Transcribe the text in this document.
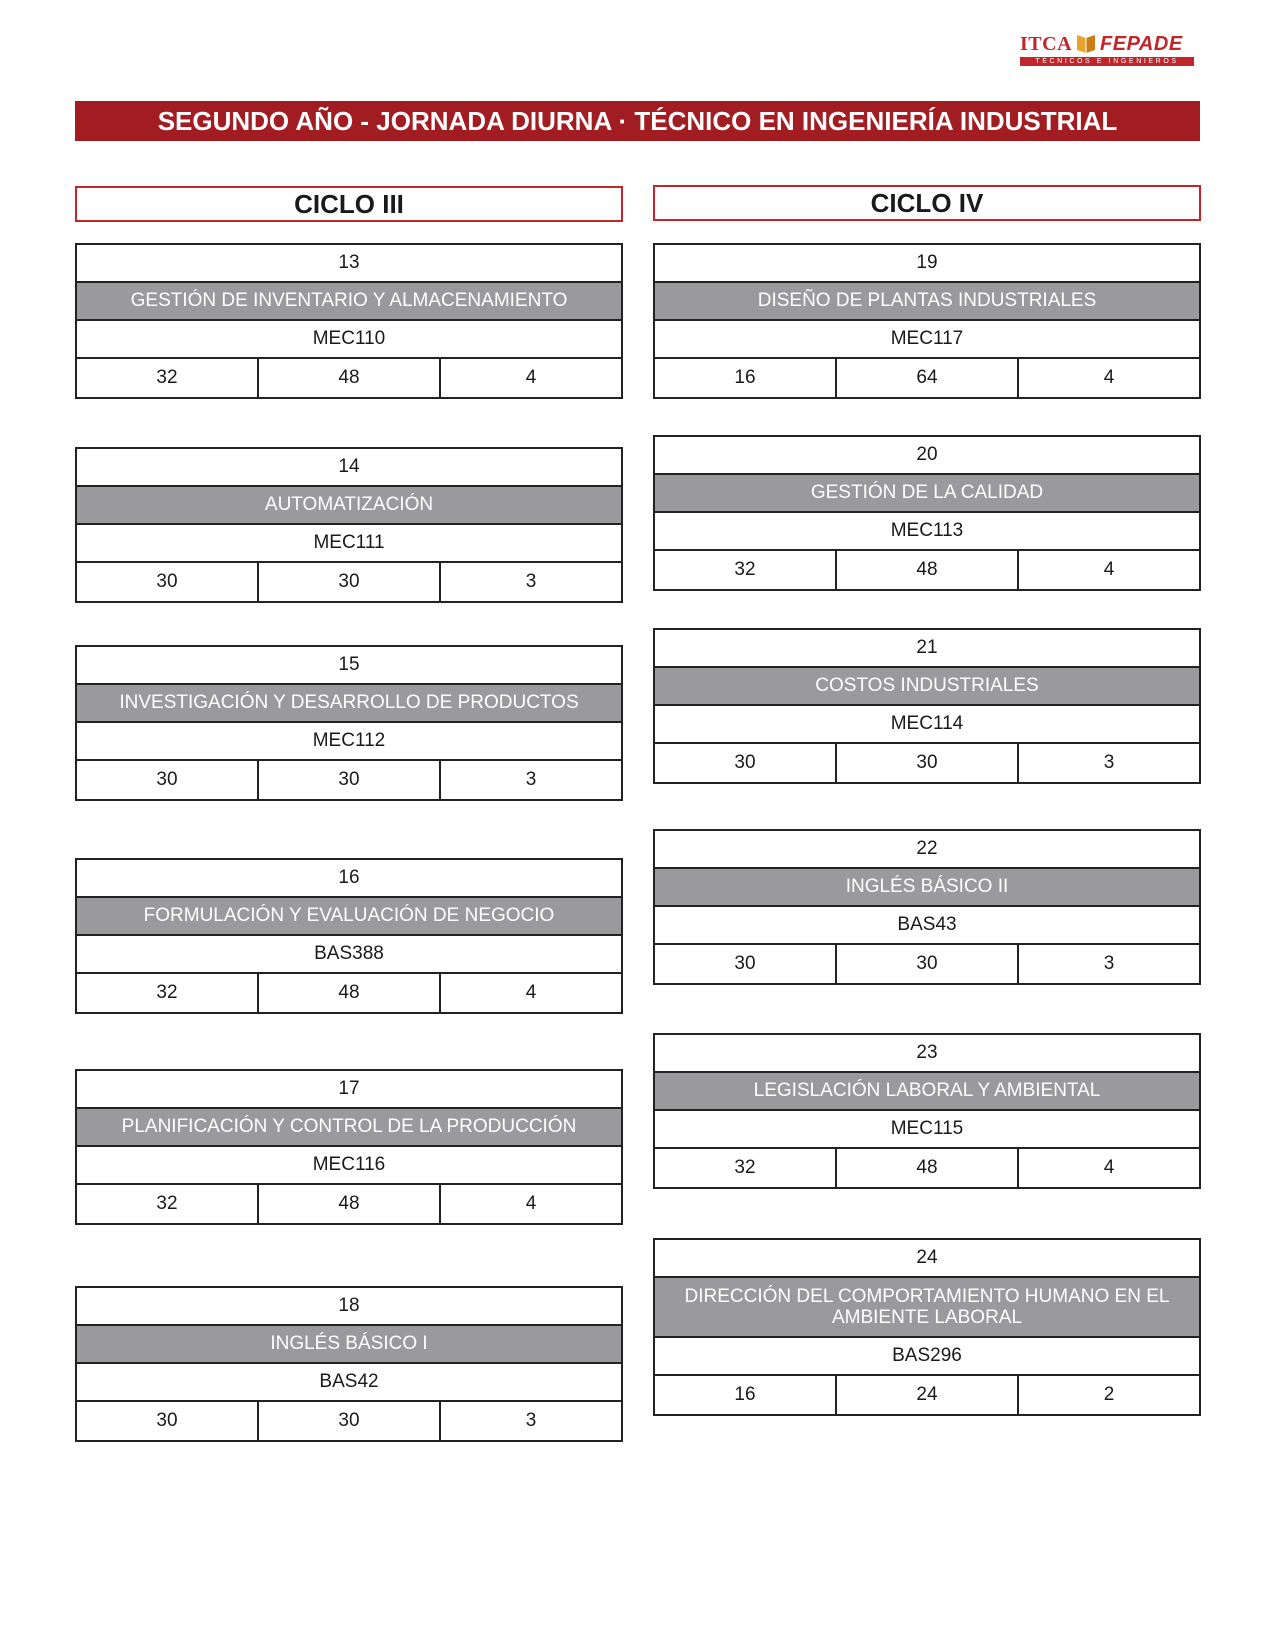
ITCA FEPADE
TÉCNICOS E INGENIEROS
SEGUNDO AÑO - JORNADA DIURNA · TÉCNICO EN INGENIERÍA INDUSTRIAL
CICLO III
13
GESTIÓN DE INVENTARIO Y ALMACENAMIENTO
MEC110
32	48	4
14
AUTOMATIZACIÓN
MEC111
30	30	3
15
INVESTIGACIÓN Y DESARROLLO DE PRODUCTOS
MEC112
30	30	3
16
FORMULACIÓN Y EVALUACIÓN DE NEGOCIO
BAS388
32	48	4
17
PLANIFICACIÓN Y CONTROL DE LA PRODUCCIÓN
MEC116
32	48	4
18
INGLÉS BÁSICO I
BAS42
30	30	3
CICLO IV
19
DISEÑO DE PLANTAS INDUSTRIALES
MEC117
16	64	4
20
GESTIÓN DE LA CALIDAD
MEC113
32	48	4
21
COSTOS INDUSTRIALES
MEC114
30	30	3
22
INGLÉS BÁSICO II
BAS43
30	30	3
23
LEGISLACIÓN LABORAL Y AMBIENTAL
MEC115
32	48	4
24
DIRECCIÓN DEL COMPORTAMIENTO HUMANO EN EL AMBIENTE LABORAL
BAS296
16	24	2
